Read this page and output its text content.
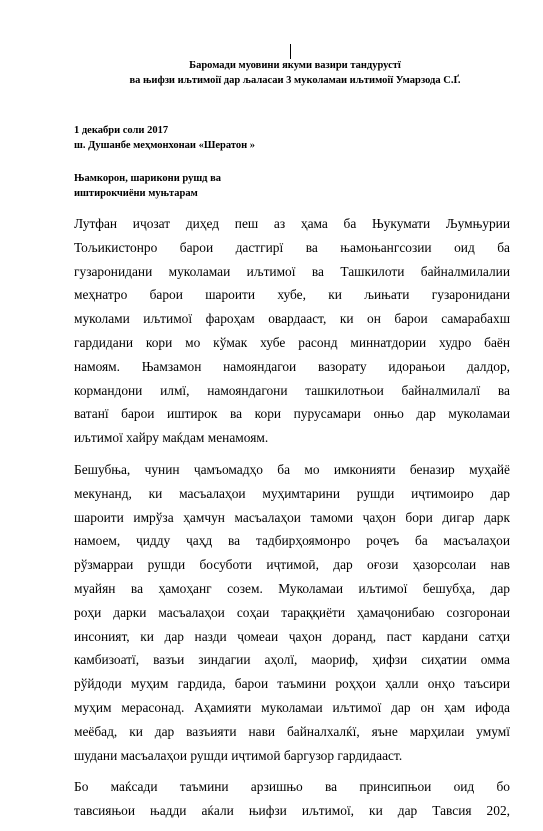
Баромади муовини якуми вазири тандурустї
ва њифзи иљтимоії дар љаласаи 3 муколамаи иљтимоії Умарзода С.Ґ.
1 декабри соли 2017
ш. Душанбе меҳмонхонаи «Шератон »
Њамкорон, шарикони рушд ва
иштирокчиёни муњтарам
Лутфан иҷозат диҳед пеш аз ҳама ба Њукумати Љумњурии
Тољикистонро барои дастгирї ва њамоњангсозии оид ба
гузаронидани муколамаи иљтимої ва Ташкилоти байналмилалии
меҳнатро барои шароити хубе, ки љињати гузаронидани
муколами иљтимої фароҳам овардааст, ки он барои самарабахш
гардидани кори мо кўмак хубе расонд миннатдории худро баён
намоям. Њамзамон намояндагои вазорату идорањои далдор,
кормандони илмї, намояндагони ташкилотњои байналмилалї ва
ватанї барои иштирок ва кори пурусамари онњо дар муколамаи
иљтимої хайру маќдам менамоям.
Бешубња, чунин ҷамъомадҳо ба мо имконияти беназир муҳайё
мекунанд, ки масъалаҳои муҳимтарини рушди иҷтимоиро дар
шароити имрўза ҳамчун масъалаҳои тамоми ҷаҳон бори дигар дарк
намоем, ҷидду ҷаҳд ва тадбирҳоямонро роҷеъ ба масъалаҳои
рўзмарраи рушди босуботи иҷтимоӣ, дар оғози ҳазорсолаи нав
муайян ва ҳамоҳанг созем. Муколамаи иљтимої бешубҳа, дар
роҳи дарки масъалаҳои соҳаи тараққиёти ҳамаҷонибаю созгоронаи
инсоният, ки дар назди ҷомеаи ҷаҳон доранд, паст кардани сатҳи
камбизоатї, вазъи зиндагии аҳолї, маориф, ҳифзи сиҳатии омма
рўйдоди муҳим гардида, барои таъмини роҳҳои ҳалли онҳо таъсири
муҳим мерасонад. Аҳамияти муколамаи иљтимої дар он ҳам ифода
меёбад, ки дар вазъияти нави байналхалќї, яъне марҳилаи умумї
шудани масъалаҳои рушди иҷтимоӣ баргузор гардидааст.
Бо маќсади таъмини арзишњо ва принсипњои оид бо
тавсияњои њадди аќали њифзи иљтимої, ки дар Тавсия 202,
